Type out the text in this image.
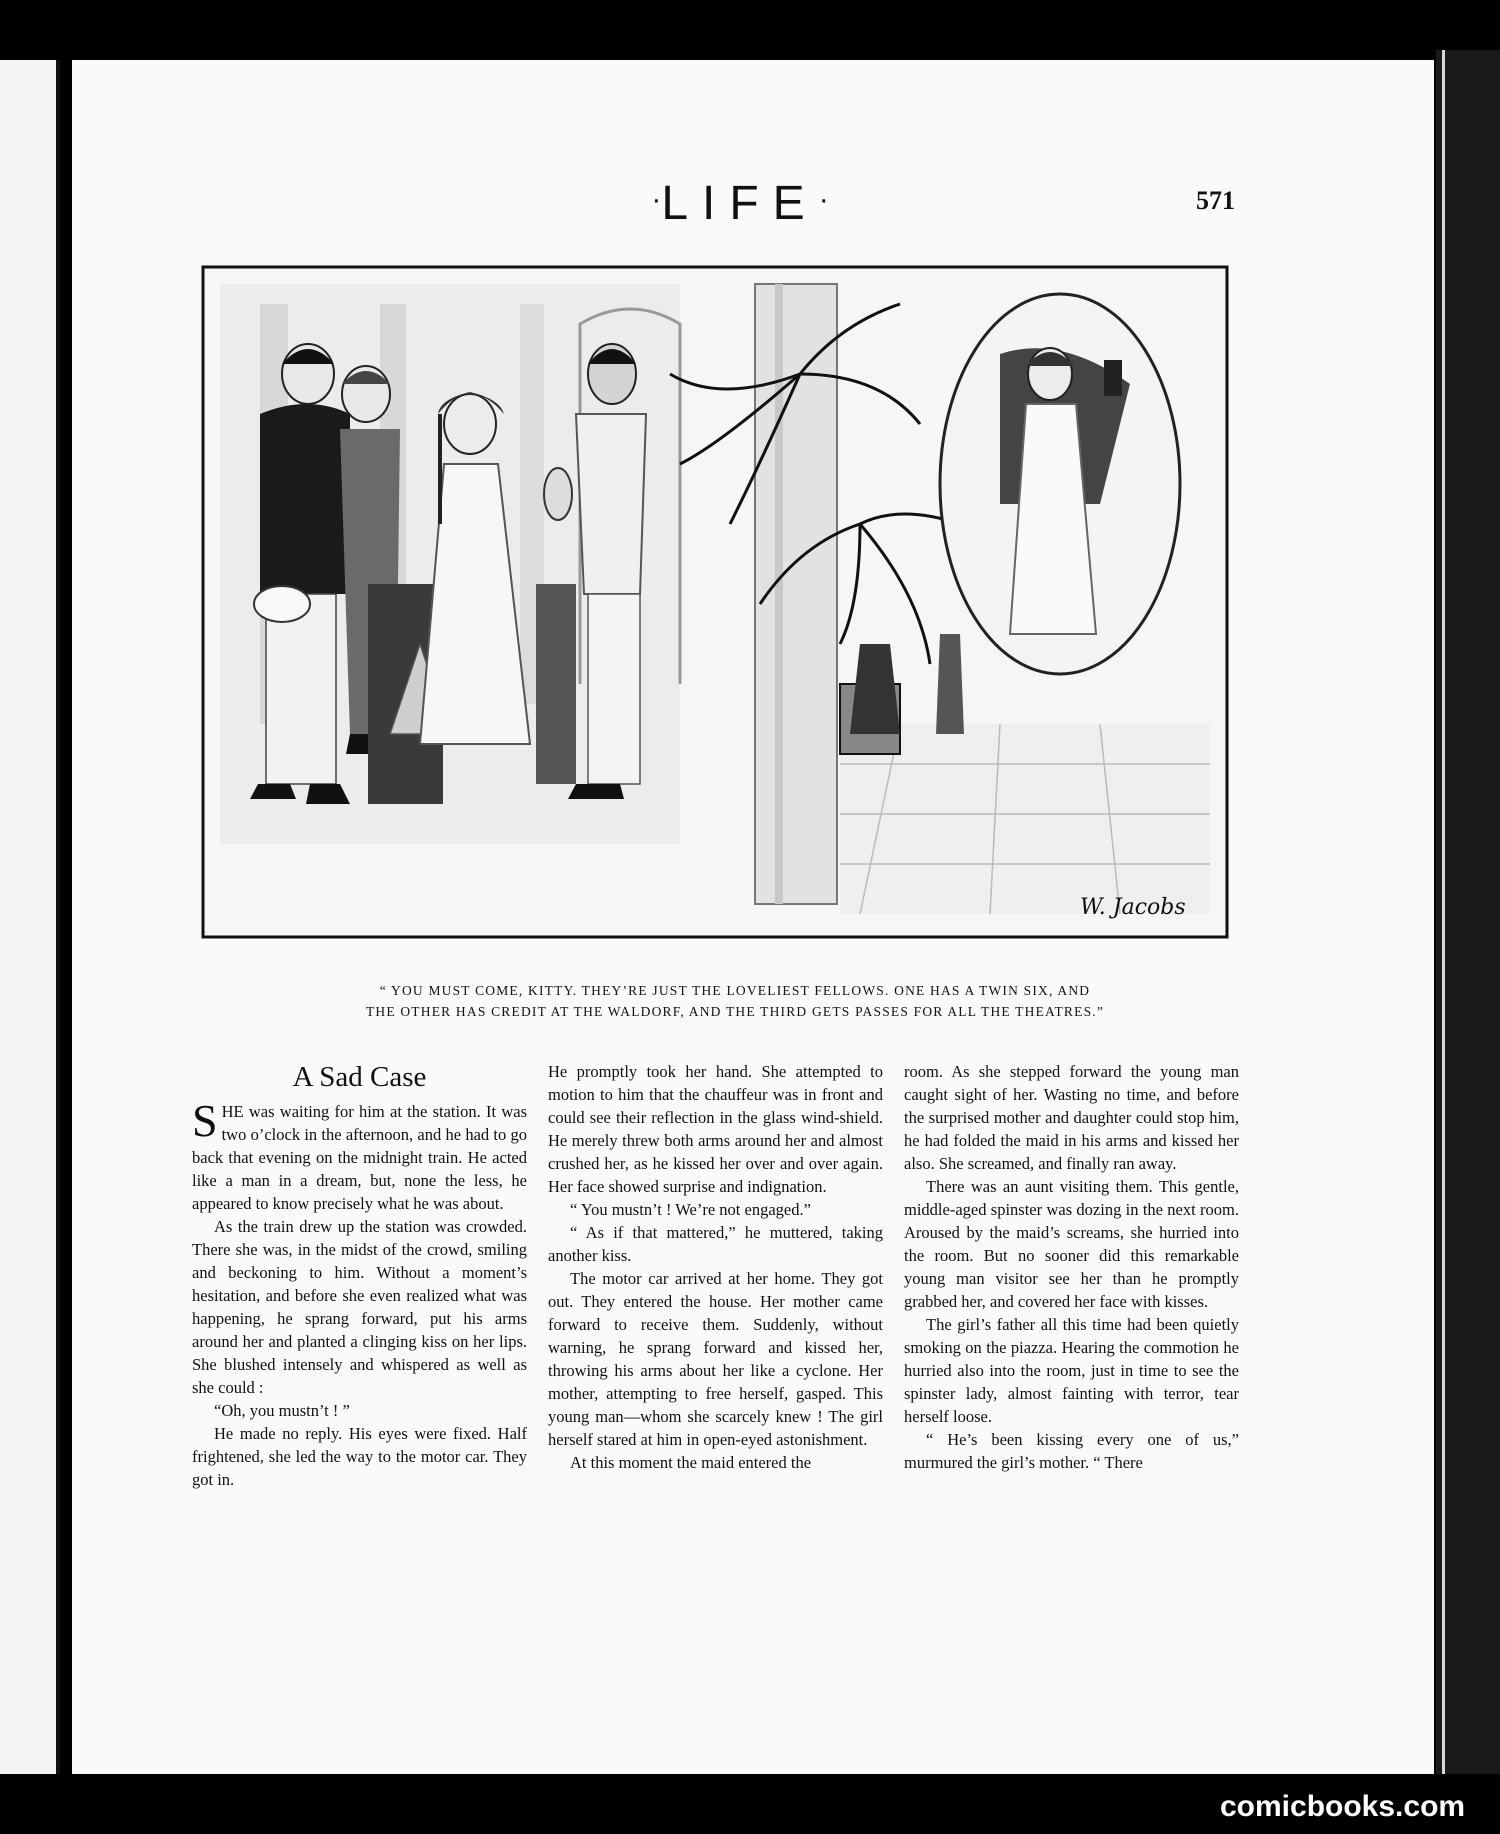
·LIFE·	571
W. Jacobs
“ YOU MUST COME, KITTY. THEY’RE JUST THE LOVELIEST FELLOWS. ONE HAS A TWIN SIX, AND
THE OTHER HAS CREDIT AT THE WALDORF, AND THE THIRD GETS PASSES FOR ALL THE THEATRES.”
A Sad Case

SHE was waiting for him at the station. It was two o’clock in the afternoon, and he had to go back that evening on the midnight train. He acted like a man in a dream, but, none the less, he appeared to know precisely what he was about.

As the train drew up the station was crowded. There she was, in the midst of the crowd, smiling and beckoning to him. Without a moment’s hesitation, and before she even realized what was happening, he sprang forward, put his arms around her and planted a clinging kiss on her lips. She blushed intensely and whispered as well as she could :

“Oh, you mustn’t ! ”

He made no reply. His eyes were fixed. Half frightened, she led the way to the motor car. They got in.

He promptly took her hand. She attempted to motion to him that the chauffeur was in front and could see their reflection in the glass wind-shield. He merely threw both arms around her and almost crushed her, as he kissed her over and over again. Her face showed surprise and indignation.

“ You mustn’t ! We’re not engaged.”

“ As if that mattered,” he muttered, taking another kiss.

The motor car arrived at her home. They got out. They entered the house. Her mother came forward to receive them. Suddenly, without warning, he sprang forward and kissed her, throwing his arms about her like a cyclone. Her mother, attempting to free herself, gasped. This young man—whom she scarcely knew ! The girl herself stared at him in open-eyed astonishment.

At this moment the maid entered the

room. As she stepped forward the young man caught sight of her. Wasting no time, and before the surprised mother and daughter could stop him, he had folded the maid in his arms and kissed her also. She screamed, and finally ran away.

There was an aunt visiting them. This gentle, middle-aged spinster was dozing in the next room. Aroused by the maid’s screams, she hurried into the room. But no sooner did this remarkable young man visitor see her than he promptly grabbed her, and covered her face with kisses.

The girl’s father all this time had been quietly smoking on the piazza. Hearing the commotion he hurried also into the room, just in time to see the spinster lady, almost fainting with terror, tear herself loose.

“ He’s been kissing every one of us,” murmured the girl’s mother. “ There

comicbooks.com
